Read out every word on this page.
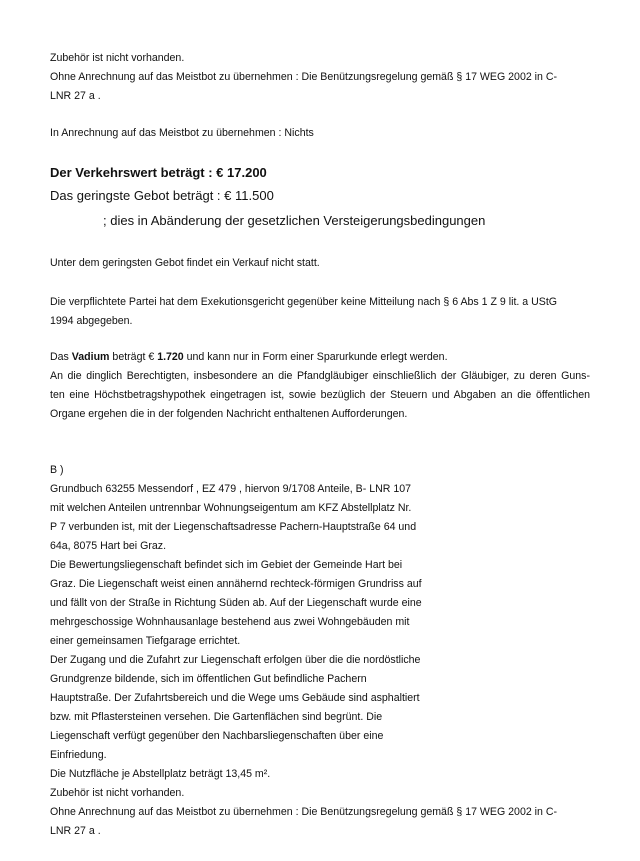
Zubehör ist nicht vorhanden.
Ohne Anrechnung auf das Meistbot zu übernehmen : Die Benützungsregelung gemäß § 17 WEG 2002 in C-
LNR 27 a .
In Anrechnung auf das Meistbot zu übernehmen : Nichts
Der Verkehrswert beträgt : € 17.200
Das geringste Gebot beträgt : € 11.500
; dies in Abänderung der gesetzlichen Versteigerungsbedingungen
Unter dem geringsten Gebot findet ein Verkauf nicht statt.
Die verpflichtete Partei hat dem Exekutionsgericht gegenüber keine Mitteilung nach § 6 Abs 1 Z 9 lit. a UStG
1994 abgegeben.
Das Vadium beträgt € 1.720 und kann nur in Form einer Sparurkunde erlegt werden.
An die dinglich Berechtigten, insbesondere an die Pfandgläubiger einschließlich der Gläubiger, zu deren Guns-
ten eine Höchstbetragshypothek eingetragen ist, sowie bezüglich der Steuern und Abgaben an die öffentlichen
Organe ergehen die in der folgenden Nachricht enthaltenen Aufforderungen.
B )
Grundbuch 63255 Messendorf , EZ 479 , hiervon 9/1708 Anteile, B- LNR 107
mit welchen Anteilen untrennbar Wohnungseigentum am KFZ Abstellplatz Nr.
P 7 verbunden ist, mit der Liegenschaftsadresse Pachern-Hauptstraße 64 und
64a, 8075 Hart bei Graz.
Die Bewertungsliegenschaft befindet sich im Gebiet der Gemeinde Hart bei
Graz. Die Liegenschaft weist einen annähernd rechteck-förmigen Grundriss auf
und fällt von der Straße in Richtung Süden ab. Auf der Liegenschaft wurde eine
mehrgeschossige Wohnhausanlage bestehend aus zwei Wohngebäuden mit
einer gemeinsamen Tiefgarage errichtet.
Der Zugang und die Zufahrt zur Liegenschaft erfolgen über die die nordöstliche
Grundgrenze bildende, sich im öffentlichen Gut befindliche Pachern
Hauptstraße. Der Zufahrtsbereich und die Wege ums Gebäude sind asphaltiert
bzw. mit Pflastersteinen versehen. Die Gartenflächen sind begrünt. Die
Liegenschaft verfügt gegenüber den Nachbarsliegenschaften über eine
Einfriedung.
Die Nutzfläche je Abstellplatz beträgt 13,45 m².
Zubehör ist nicht vorhanden.
Ohne Anrechnung auf das Meistbot zu übernehmen : Die Benützungsregelung gemäß § 17 WEG 2002 in C-
LNR 27 a .
